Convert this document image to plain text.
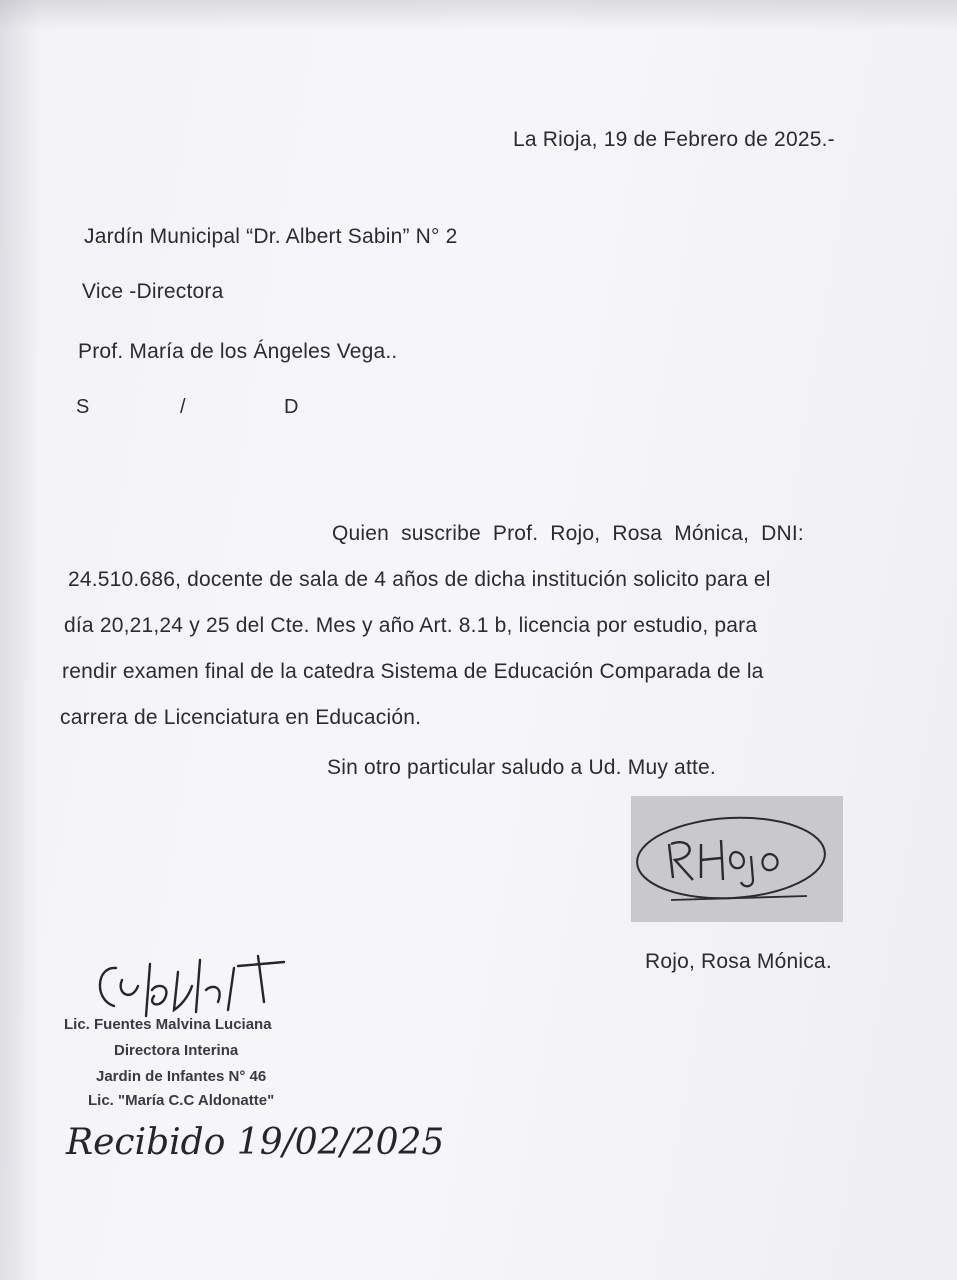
La Rioja, 19 de Febrero de 2025.-
Jardín Municipal “Dr. Albert Sabin” N° 2
Vice -Directora
Prof. María de los Ángeles Vega..
S	/	D
Quien suscribe Prof. Rojo, Rosa Mónica, DNI:
24.510.686, docente de sala de 4 años de dicha institución solicito para el
día 20,21,24 y 25 del Cte. Mes y año Art. 8.1 b, licencia por estudio, para
rendir examen final de la catedra Sistema de Educación Comparada de la
carrera de Licenciatura en Educación.
Sin otro particular saludo a Ud. Muy atte.
Rojo, Rosa Mónica.
Lic. Fuentes Malvina Luciana
Directora Interina
Jardin de Infantes N° 46
Lic. "María C.C Aldonatte"
Recibido 19/02/2025
